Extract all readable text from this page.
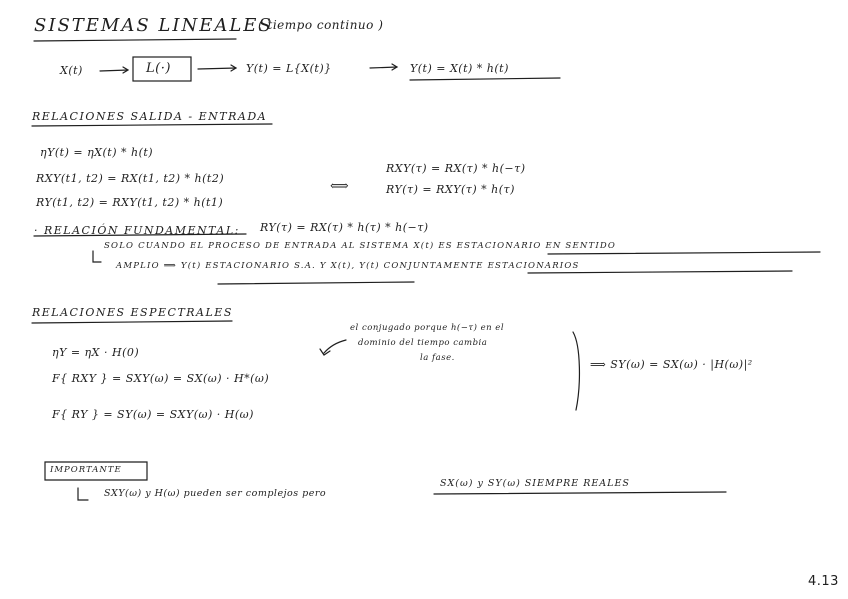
SISTEMAS LINEALES
( tiempo continuo )
X(t)	L(·)	Y(t) = L{X(t)}	Y(t) = X(t) * h(t)
RELACIONES SALIDA - ENTRADA
ηY(t) = ηX(t) * h(t)
RXY(t1, t2) = RX(t1, t2) * h(t2)
RY(t1, t2) = RXY(t1, t2) * h(t1)
⟺
RXY(τ) = RX(τ) * h(−τ)
RY(τ) = RXY(τ) * h(τ)
· RELACIÓN FUNDAMENTAL: RY(τ) = RX(τ) * h(τ) * h(−τ)
SOLO CUANDO EL PROCESO DE ENTRADA AL SISTEMA X(t) ES ESTACIONARIO EN SENTIDO
AMPLIO ⟹ Y(t) ESTACIONARIO S.A. Y X(t), Y(t) CONJUNTAMENTE ESTACIONARIOS
RELACIONES ESPECTRALES
ηY = ηX · H(0)
F{ RXY } = SXY(ω) = SX(ω) · H*(ω)
F{ RY } = SY(ω) = SXY(ω) · H(ω)
el conjugado porque h(−τ) en el
dominio del tiempo cambia
la fase.	⟹ SY(ω) = SX(ω) · |H(ω)|²
IMPORTANTE
SXY(ω) y H(ω) pueden ser complejos pero
SX(ω) y SY(ω) SIEMPRE REALES
4.13
